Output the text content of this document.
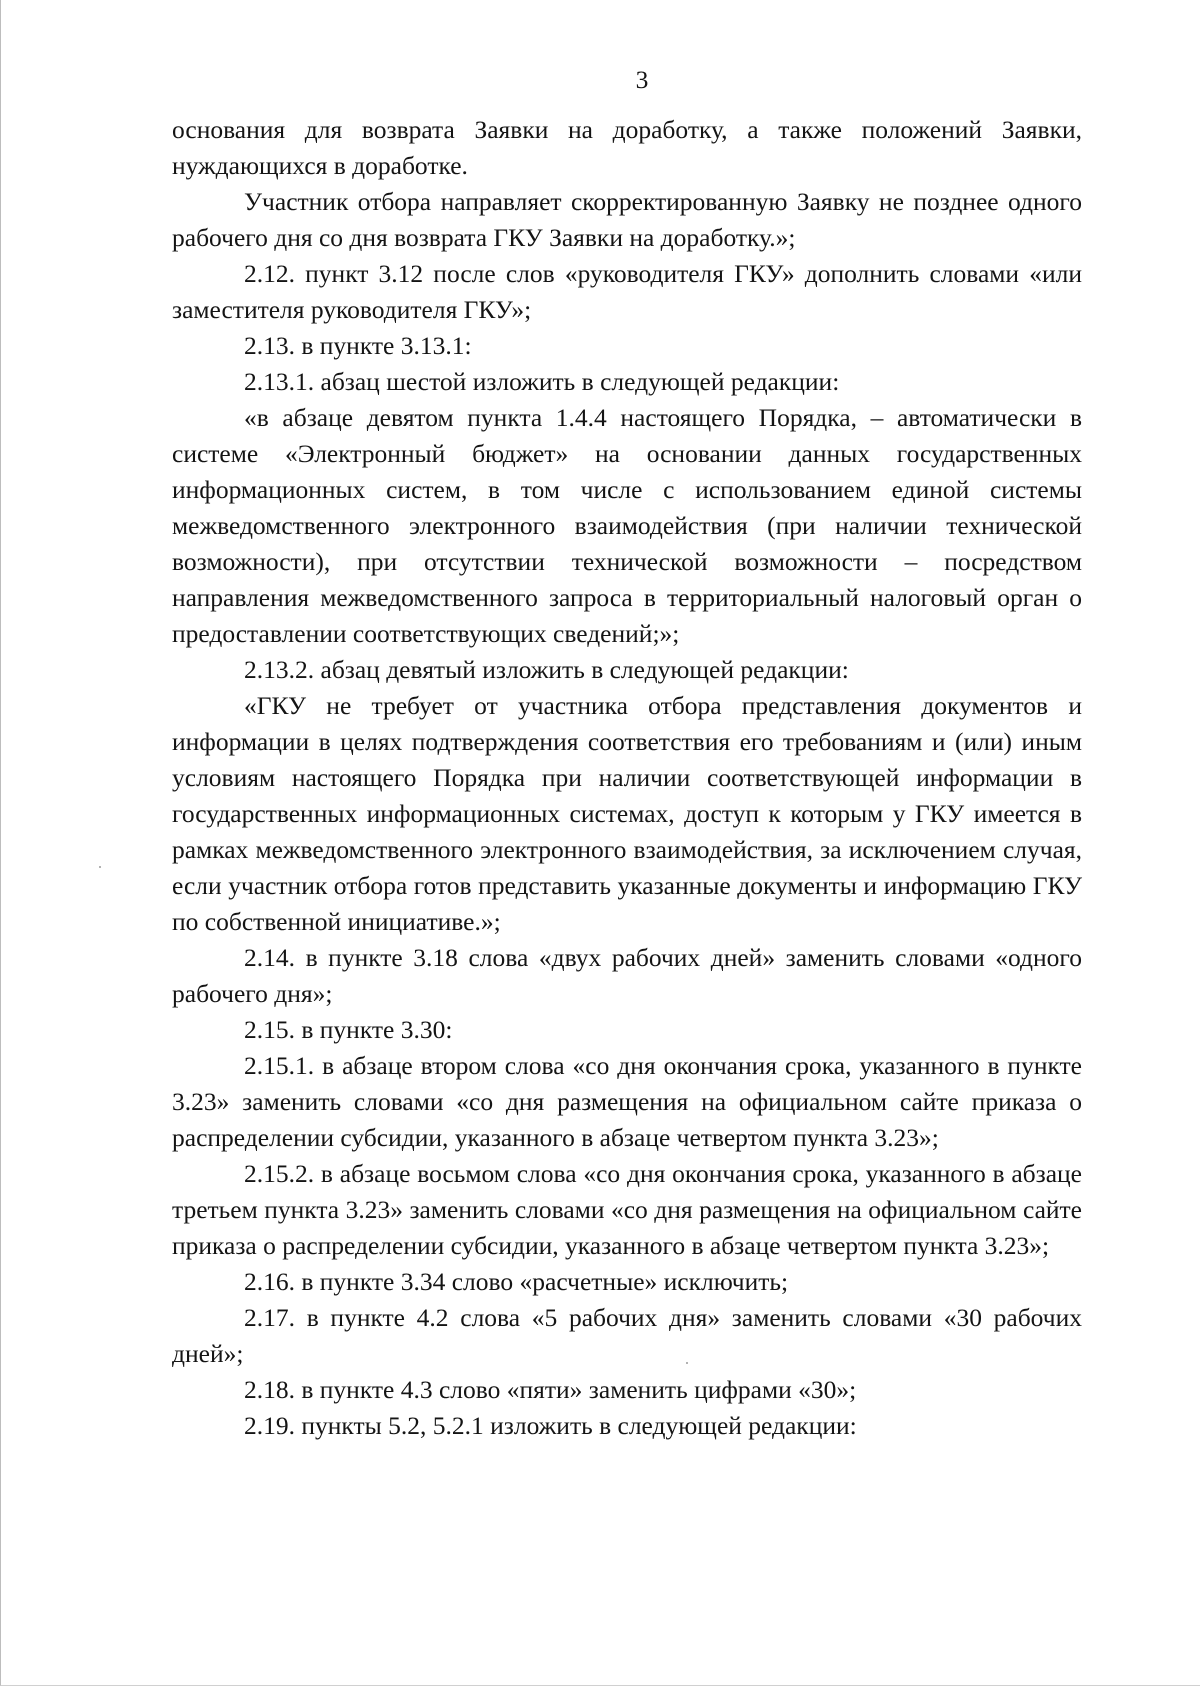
3

основания для возврата Заявки на доработку, а также положений Заявки, нуждающихся в доработке.

Участник отбора направляет скорректированную Заявку не позднее одного рабочего дня со дня возврата ГКУ Заявки на доработку.»;

2.12. пункт 3.12 после слов «руководителя ГКУ» дополнить словами «или заместителя руководителя ГКУ»;

2.13. в пункте 3.13.1:

2.13.1. абзац шестой изложить в следующей редакции:

«в абзаце девятом пункта 1.4.4 настоящего Порядка, – автоматически в системе «Электронный бюджет» на основании данных государственных информационных систем, в том числе с использованием единой системы межведомственного электронного взаимодействия (при наличии технической возможности), при отсутствии технической возможности – посредством направления межведомственного запроса в территориальный налоговый орган о предоставлении соответствующих сведений;»;

2.13.2. абзац девятый изложить в следующей редакции:

«ГКУ не требует от участника отбора представления документов и информации в целях подтверждения соответствия его требованиям и (или) иным условиям настоящего Порядка при наличии соответствующей информации в государственных информационных системах, доступ к которым у ГКУ имеется в рамках межведомственного электронного взаимодействия, за исключением случая, если участник отбора готов представить указанные документы и информацию ГКУ по собственной инициативе.»;

2.14. в пункте 3.18 слова «двух рабочих дней» заменить словами «одного рабочего дня»;

2.15. в пункте 3.30:

2.15.1. в абзаце втором слова «со дня окончания срока, указанного в пункте 3.23» заменить словами «со дня размещения на официальном сайте приказа о распределении субсидии, указанного в абзаце четвертом пункта 3.23»;

2.15.2. в абзаце восьмом слова «со дня окончания срока, указанного в абзаце третьем пункта 3.23» заменить словами «со дня размещения на официальном сайте приказа о распределении субсидии, указанного в абзаце четвертом пункта 3.23»;

2.16. в пункте 3.34 слово «расчетные» исключить;

2.17. в пункте 4.2 слова «5 рабочих дня» заменить словами «30 рабочих дней»;

2.18. в пункте 4.3 слово «пяти» заменить цифрами «30»;

2.19. пункты 5.2, 5.2.1 изложить в следующей редакции:
